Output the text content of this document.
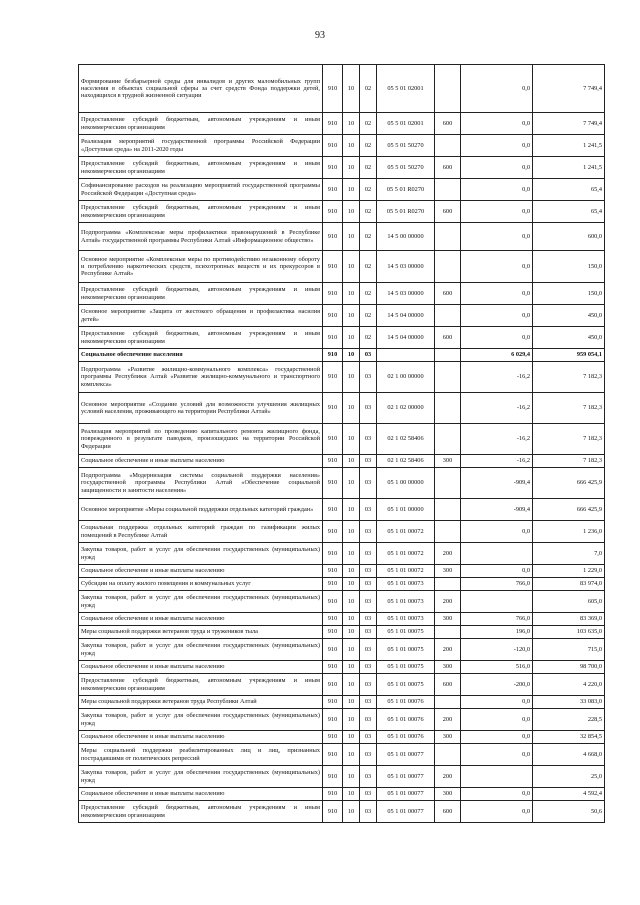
93
Формирование безбарьерной среды для инвалидов и других маломобильных групп населения в объектах социальной сферы за счет средств Фонда поддержки детей, находящихся в трудной жизненной ситуации	910	10	02	05 5 01 02001		0,0	7 749,4
Предоставление субсидий бюджетным, автономным учреждениям и иным некоммерческим организациям	910	10	02	05 5 01 02001	600	0,0	7 749,4
Реализация мероприятий государственной программы Российской Федерации «Доступная среда» на 2011-2020 годы	910	10	02	05 5 01 50270		0,0	1 241,5
Предоставление субсидий бюджетным, автономным учреждениям и иным некоммерческим организациям	910	10	02	05 5 01 50270	600	0,0	1 241,5
Софинансирование расходов на реализацию мероприятий государственной программы Российской Федерации «Доступная среда»	910	10	02	05 5 01 R0270		0,0	65,4
Предоставление субсидий бюджетным, автономным учреждениям и иным некоммерческим организациям	910	10	02	05 5 01 R0270	600	0,0	65,4
Подпрограмма «Комплексные меры профилактики правонарушений в Республике Алтай» государственной программы Республики Алтай «Информационное общество»	910	10	02	14 5 00 00000		0,0	600,0
Основное мероприятие «Комплексные меры по противодействию незаконному обороту и потреблению наркотических средств, психотропных веществ и их прекурсоров в Республике Алтай»	910	10	02	14 5 03 00000		0,0	150,0
Предоставление субсидий бюджетным, автономным учреждениям и иным некоммерческим организациям	910	10	02	14 5 03 00000	600	0,0	150,0
Основное мероприятие «Защита от жестокого обращения и профилактика насилия детей»	910	10	02	14 5 04 00000		0,0	450,0
Предоставление субсидий бюджетным, автономным учреждениям и иным некоммерческим организациям	910	10	02	14 5 04 00000	600	0,0	450,0
Социальное обеспечение населения	910	10	03			6 029,4	959 054,1
Подпрограмма «Развитие жилищно-коммунального комплекса» государственной программы Республики Алтай «Развитие жилищно-коммунального и транспортного комплекса»	910	10	03	02 1 00 00000		-16,2	7 182,3
Основное мероприятие «Создание условий для возможности улучшения жилищных условий населения, проживающего на территории Республики Алтай»	910	10	03	02 1 02 00000		-16,2	7 182,3
Реализация мероприятий по проведению капитального ремонта жилищного фонда, поврежденного в результате паводков, произошедших на территории Российской Федерации	910	10	03	02 1 02 58406		-16,2	7 182,3
Социальное обеспечение и иные выплаты населению	910	10	03	02 1 02 58406	300	-16,2	7 182,3
Подпрограмма «Модернизация системы социальной поддержки населения» государственной программы Республики Алтай «Обеспечение социальной защищенности и занятости населения»	910	10	03	05 1 00 00000		-909,4	666 425,9
Основное мероприятие «Меры социальной поддержки отдельных категорий граждан»	910	10	03	05 1 01 00000		-909,4	666 425,9
Социальная поддержка отдельных категорий граждан по газификации жилых помещений в Республике Алтай	910	10	03	05 1 01 00072		0,0	1 236,0
Закупка товаров, работ и услуг для обеспечения государственных (муниципальных) нужд	910	10	03	05 1 01 00072	200		7,0
Социальное обеспечение и иные выплаты населению	910	10	03	05 1 01 00072	300	0,0	1 229,0
Субсидии на оплату жилого помещения и коммунальных услуг	910	10	03	05 1 01 00073		766,0	83 974,0
Закупка товаров, работ и услуг для обеспечения государственных (муниципальных) нужд	910	10	03	05 1 01 00073	200		605,0
Социальное обеспечение и иные выплаты населению	910	10	03	05 1 01 00073	300	766,0	83 369,0
Меры социальной поддержки ветеранов труда и тружеников тыла	910	10	03	05 1 01 00075		196,0	103 635,0
Закупка товаров, работ и услуг для обеспечения государственных (муниципальных) нужд	910	10	03	05 1 01 00075	200	-120,0	715,0
Социальное обеспечение и иные выплаты населению	910	10	03	05 1 01 00075	300	516,0	98 700,0
Предоставление субсидий бюджетным, автономным учреждениям и иным некоммерческим организациям	910	10	03	05 1 01 00075	600	-200,0	4 220,0
Меры социальной поддержки ветеранов труда Республики Алтай	910	10	03	05 1 01 00076		0,0	33 083,0
Закупка товаров, работ и услуг для обеспечения государственных (муниципальных) нужд	910	10	03	05 1 01 00076	200	0,0	228,5
Социальное обеспечение и иные выплаты населению	910	10	03	05 1 01 00076	300	0,0	32 854,5
Меры социальной поддержки реабилитированных лиц и лиц, признанных пострадавшими от политических репрессий	910	10	03	05 1 01 00077		0,0	4 668,0
Закупка товаров, работ и услуг для обеспечения государственных (муниципальных) нужд	910	10	03	05 1 01 00077	200		25,0
Социальное обеспечение и иные выплаты населению	910	10	03	05 1 01 00077	300	0,0	4 592,4
Предоставление субсидий бюджетным, автономным учреждениям и иным некоммерческим организациям	910	10	03	05 1 01 00077	600	0,0	50,6
